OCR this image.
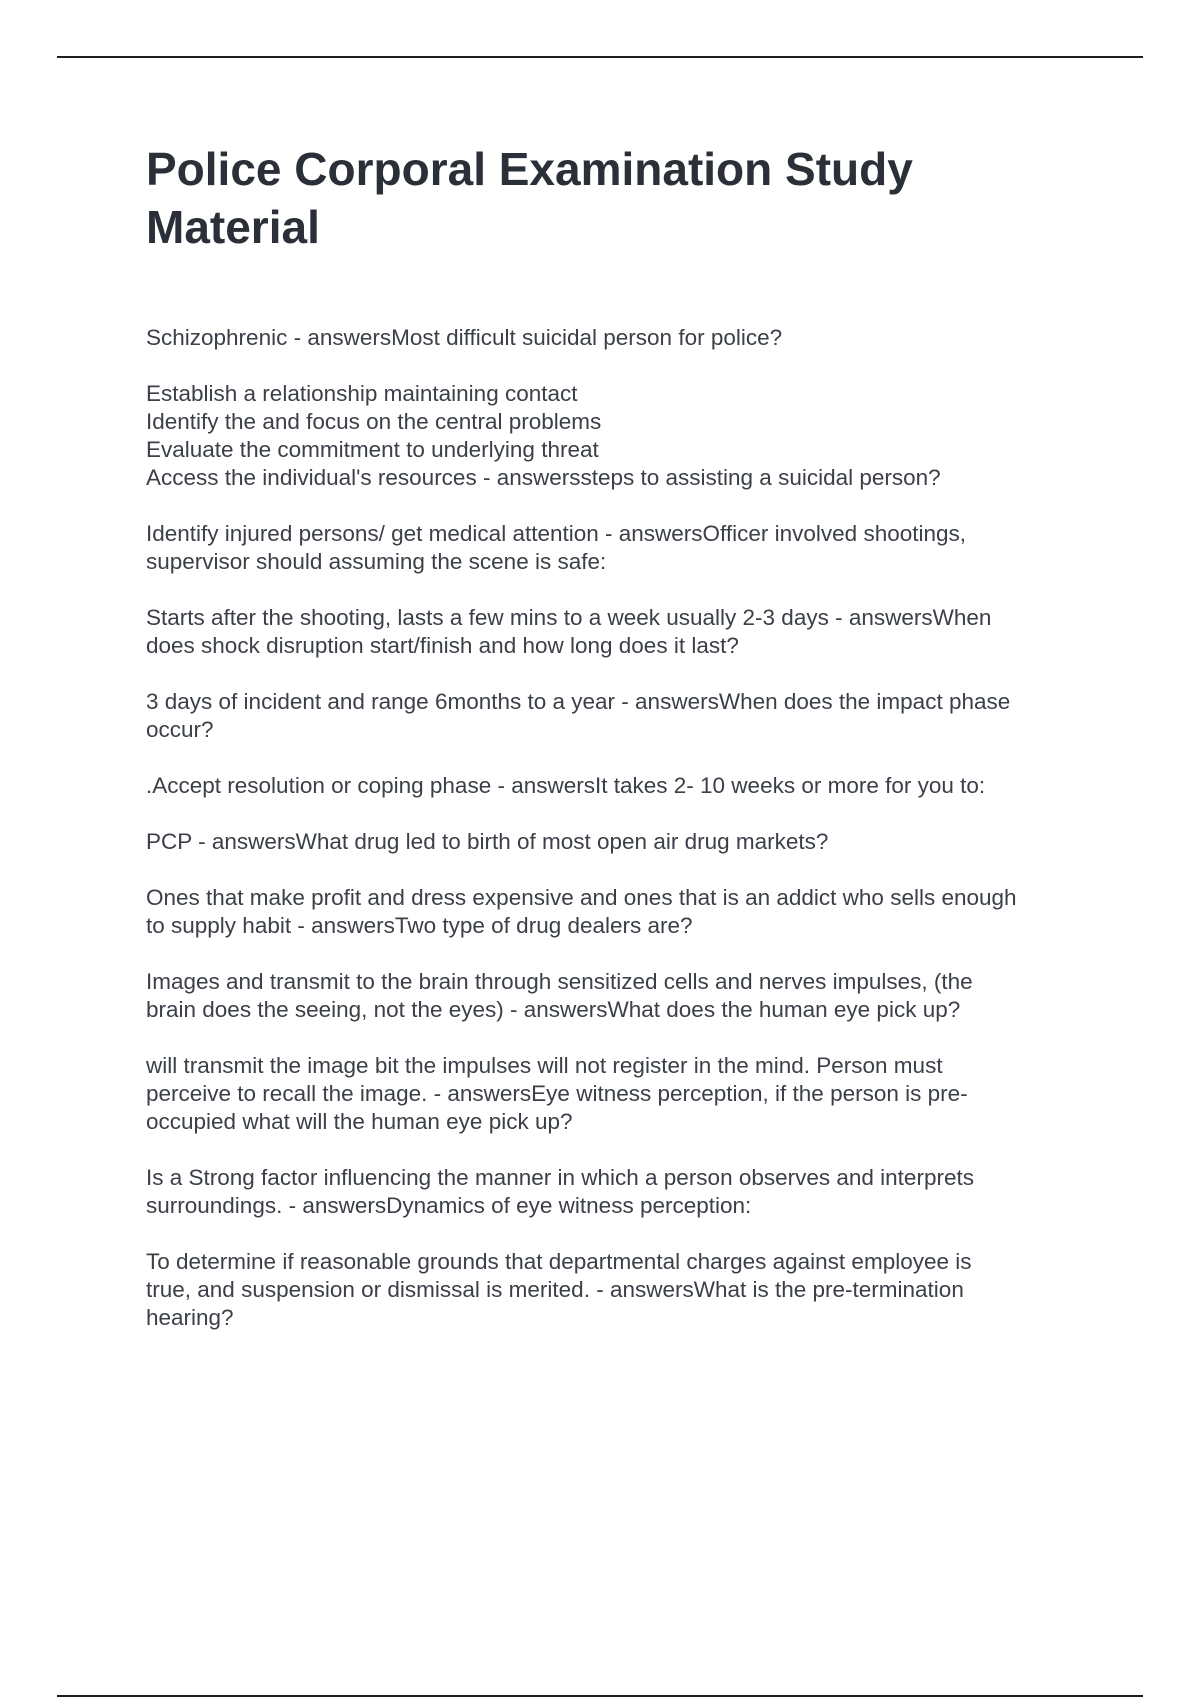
Police Corporal Examination Study Material

Schizophrenic - answersMost difficult suicidal person for police?

Establish a relationship maintaining contact
Identify the and focus on the central problems
Evaluate the commitment to underlying threat
Access the individual's resources - answerssteps to assisting a suicidal person?

Identify injured persons/ get medical attention - answersOfficer involved shootings,
supervisor should assuming the scene is safe:

Starts after the shooting, lasts a few mins to a week usually 2-3 days - answersWhen
does shock disruption start/finish and how long does it last?

3 days of incident and range 6months to a year - answersWhen does the impact phase
occur?

.Accept resolution or coping phase - answersIt takes 2- 10 weeks or more for you to:

PCP - answersWhat drug led to birth of most open air drug markets?

Ones that make profit and dress expensive and ones that is an addict who sells enough
to supply habit - answersTwo type of drug dealers are?

Images and transmit to the brain through sensitized cells and nerves impulses, (the
brain does the seeing, not the eyes) - answersWhat does the human eye pick up?

will transmit the image bit the impulses will not register in the mind. Person must
perceive to recall the image. - answersEye witness perception, if the person is pre-
occupied what will the human eye pick up?

Is a Strong factor influencing the manner in which a person observes and interprets
surroundings. - answersDynamics of eye witness perception:

To determine if reasonable grounds that departmental charges against employee is
true, and suspension or dismissal is merited. - answersWhat is the pre-termination
hearing?
